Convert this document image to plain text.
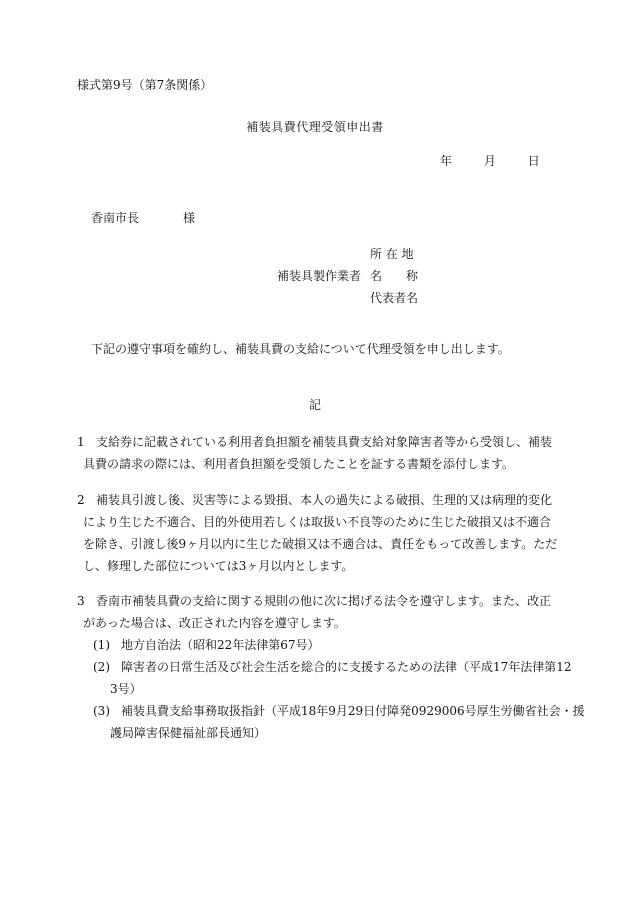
様式第9号（第7条関係）
補装具費代理受領申出書
年	月	日
香南市長	様
補装具製作業者
所 在 地
名　　称
代表者名
下記の遵守事項を確約し、補装具費の支給について代理受領を申し出します。
記
1 支給券に記載されている利用者負担額を補装具費支給対象障害者等から受領し、補装
具費の請求の際には、利用者負担額を受領したことを証する書類を添付します。
2 補装具引渡し後、災害等による毀損、本人の過失による破損、生理的又は病理的変化
により生じた不適合、目的外使用若しくは取扱い不良等のために生じた破損又は不適合
を除き、引渡し後9ヶ月以内に生じた破損又は不適合は、責任をもって改善します。ただ
し、修理した部位については3ヶ月以内とします。
3 香南市補装具費の支給に関する規則の他に次に掲げる法令を遵守します。また、改正
があった場合は、改正された内容を遵守します。
(1) 地方自治法（昭和22年法律第67号）
(2) 障害者の日常生活及び社会生活を総合的に支援するための法律（平成17年法律第12
3号）
(3) 補装具費支給事務取扱指針（平成18年9月29日付障発0929006号厚生労働省社会・援
護局障害保健福祉部長通知）
